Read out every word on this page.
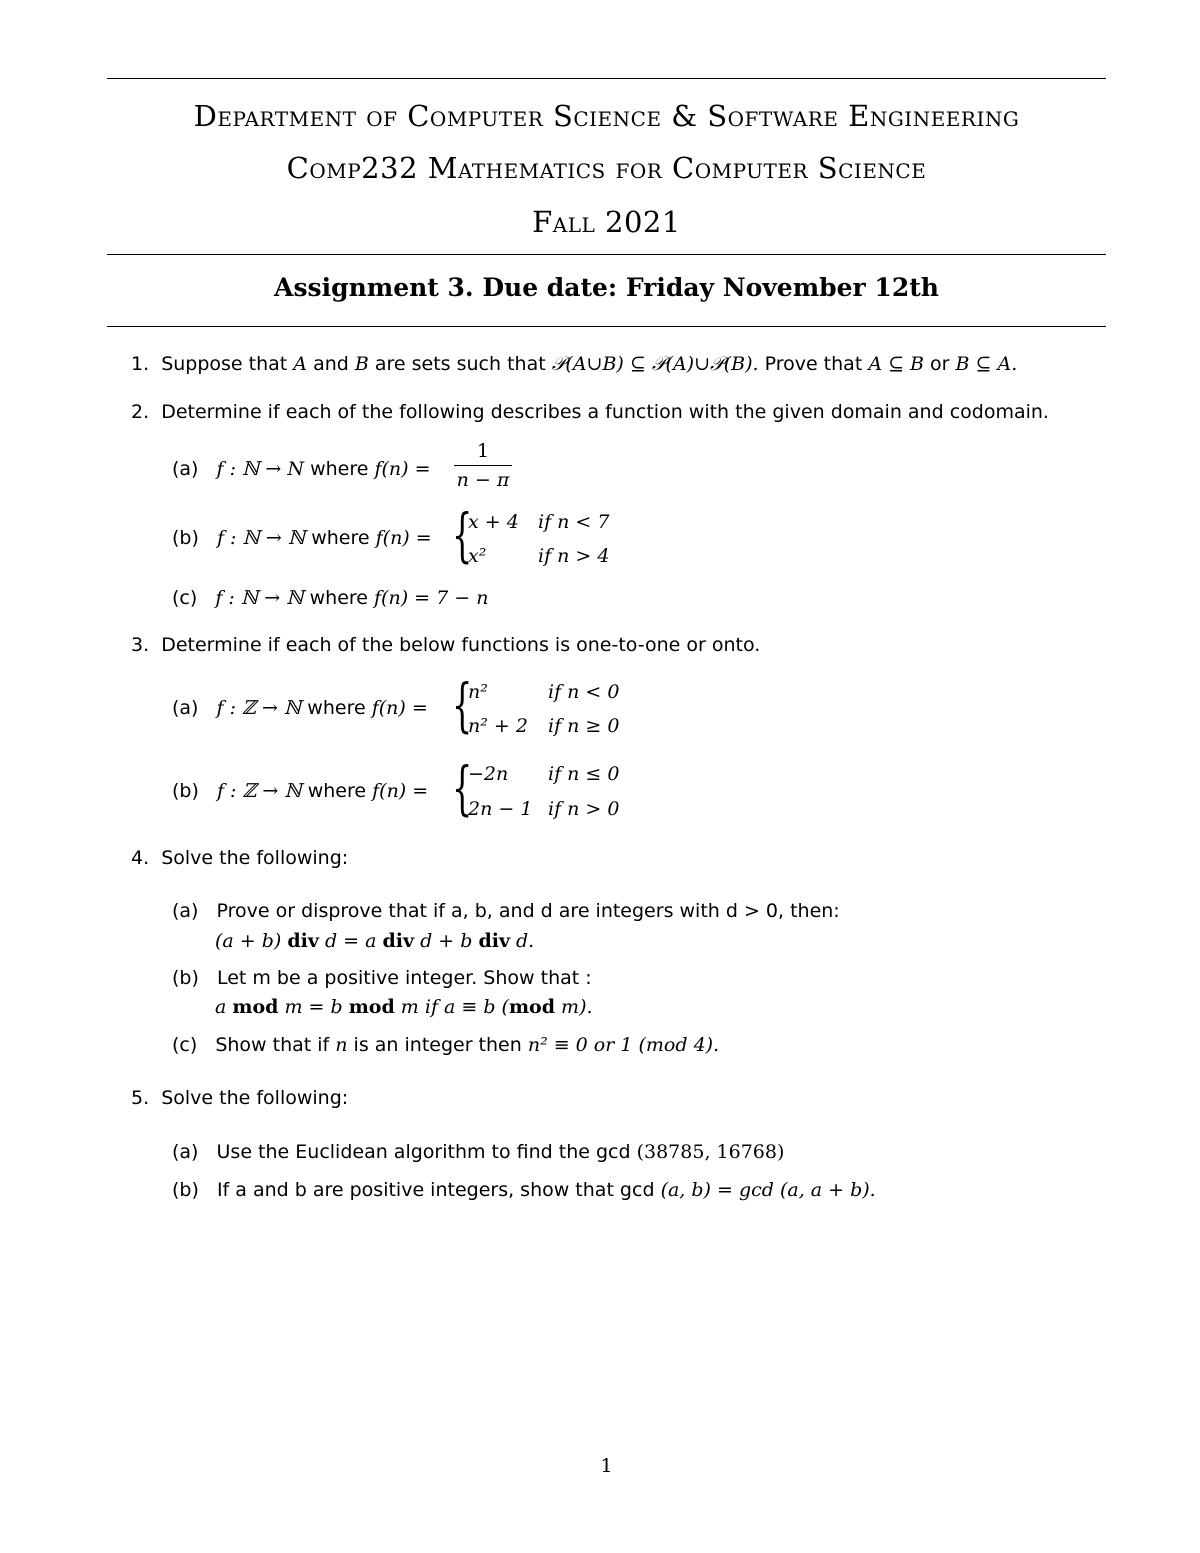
Department of Computer Science & Software Engineering
Comp232 Mathematics for Computer Science
Fall 2021
Assignment 3. Due date: Friday November 12th
1. Suppose that A and B are sets such that 𝒫(A∪B) ⊆ 𝒫(A)∪𝒫(B). Prove that A ⊆ B or B ⊆ A.
2. Determine if each of the following describes a function with the given domain and codomain.
(a) f : ℕ → N where f(n) =
1
n − π
(b) f : ℕ → ℕ where f(n) = {
x + 4 if n < 7
x²	if n > 4
(c) f : ℕ → ℕ where f(n) = 7 − n
3. Determine if each of the below functions is one-to-one or onto.
(a) f : ℤ → ℕ where f(n) = {
n²	if n < 0
n² + 2 if n ≥ 0
(b) f : ℤ → ℕ where f(n) = {
−2n if n ≤ 0
2n − 1 if n > 0
4. Solve the following:
(a) Prove or disprove that if a, b, and d are integers with d > 0, then:
(a + b) div d = a div d + b div d.
(b) Let m be a positive integer. Show that :
a mod m = b mod m if a ≡ b (mod m).
(c) Show that if n is an integer then n² ≡ 0 or 1 (mod 4).
5. Solve the following:
(a) Use the Euclidean algorithm to find the gcd (38785, 16768)
(b) If a and b are positive integers, show that gcd (a, b) = gcd (a, a + b).
1
